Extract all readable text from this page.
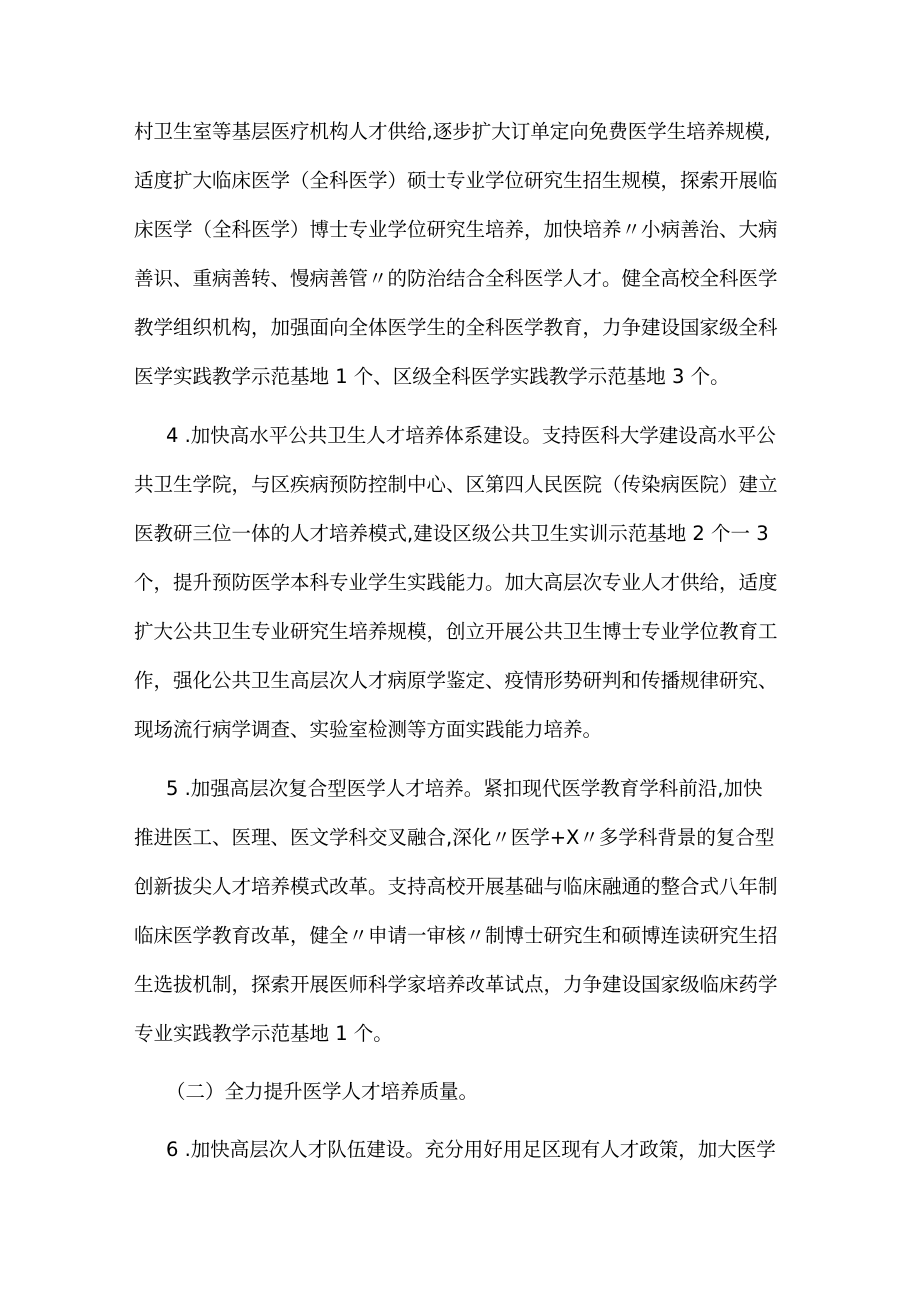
村卫生室等基层医疗机构人才供给,逐步扩大订单定向免费医学生培养规模,
适度扩大临床医学（全科医学）硕士专业学位研究生招生规模，探索开展临
床医学（全科医学）博士专业学位研究生培养，加快培养〃小病善治、大病
善识、重病善转、慢病善管〃的防治结合全科医学人才。健全高校全科医学
教学组织机构，加强面向全体医学生的全科医学教育，力争建设国家级全科
医学实践教学示范基地 1 个、区级全科医学实践教学示范基地 3 个。
4 .加快高水平公共卫生人才培养体系建设。支持医科大学建设高水平公
共卫生学院，与区疾病预防控制中心、区第四人民医院（传染病医院）建立
医教研三位一体的人才培养模式,建设区级公共卫生实训示范基地 2 个一 3
个，提升预防医学本科专业学生实践能力。加大高层次专业人才供给，适度
扩大公共卫生专业研究生培养规模，创立开展公共卫生博士专业学位教育工
作，强化公共卫生高层次人才病原学鉴定、疫情形势研判和传播规律研究、
现场流行病学调查、实验室检测等方面实践能力培养。
5 .加强高层次复合型医学人才培养。紧扣现代医学教育学科前沿,加快
推进医工、医理、医文学科交叉融合,深化〃医学+X〃多学科背景的复合型
创新拔尖人才培养模式改革。支持高校开展基础与临床融通的整合式八年制
临床医学教育改革，健全〃申请一审核〃制博士研究生和硕博连读研究生招
生选拔机制，探索开展医师科学家培养改革试点，力争建设国家级临床药学
专业实践教学示范基地 1 个。
（二）全力提升医学人才培养质量。
6 .加快高层次人才队伍建设。充分用好用足区现有人才政策，加大医学
